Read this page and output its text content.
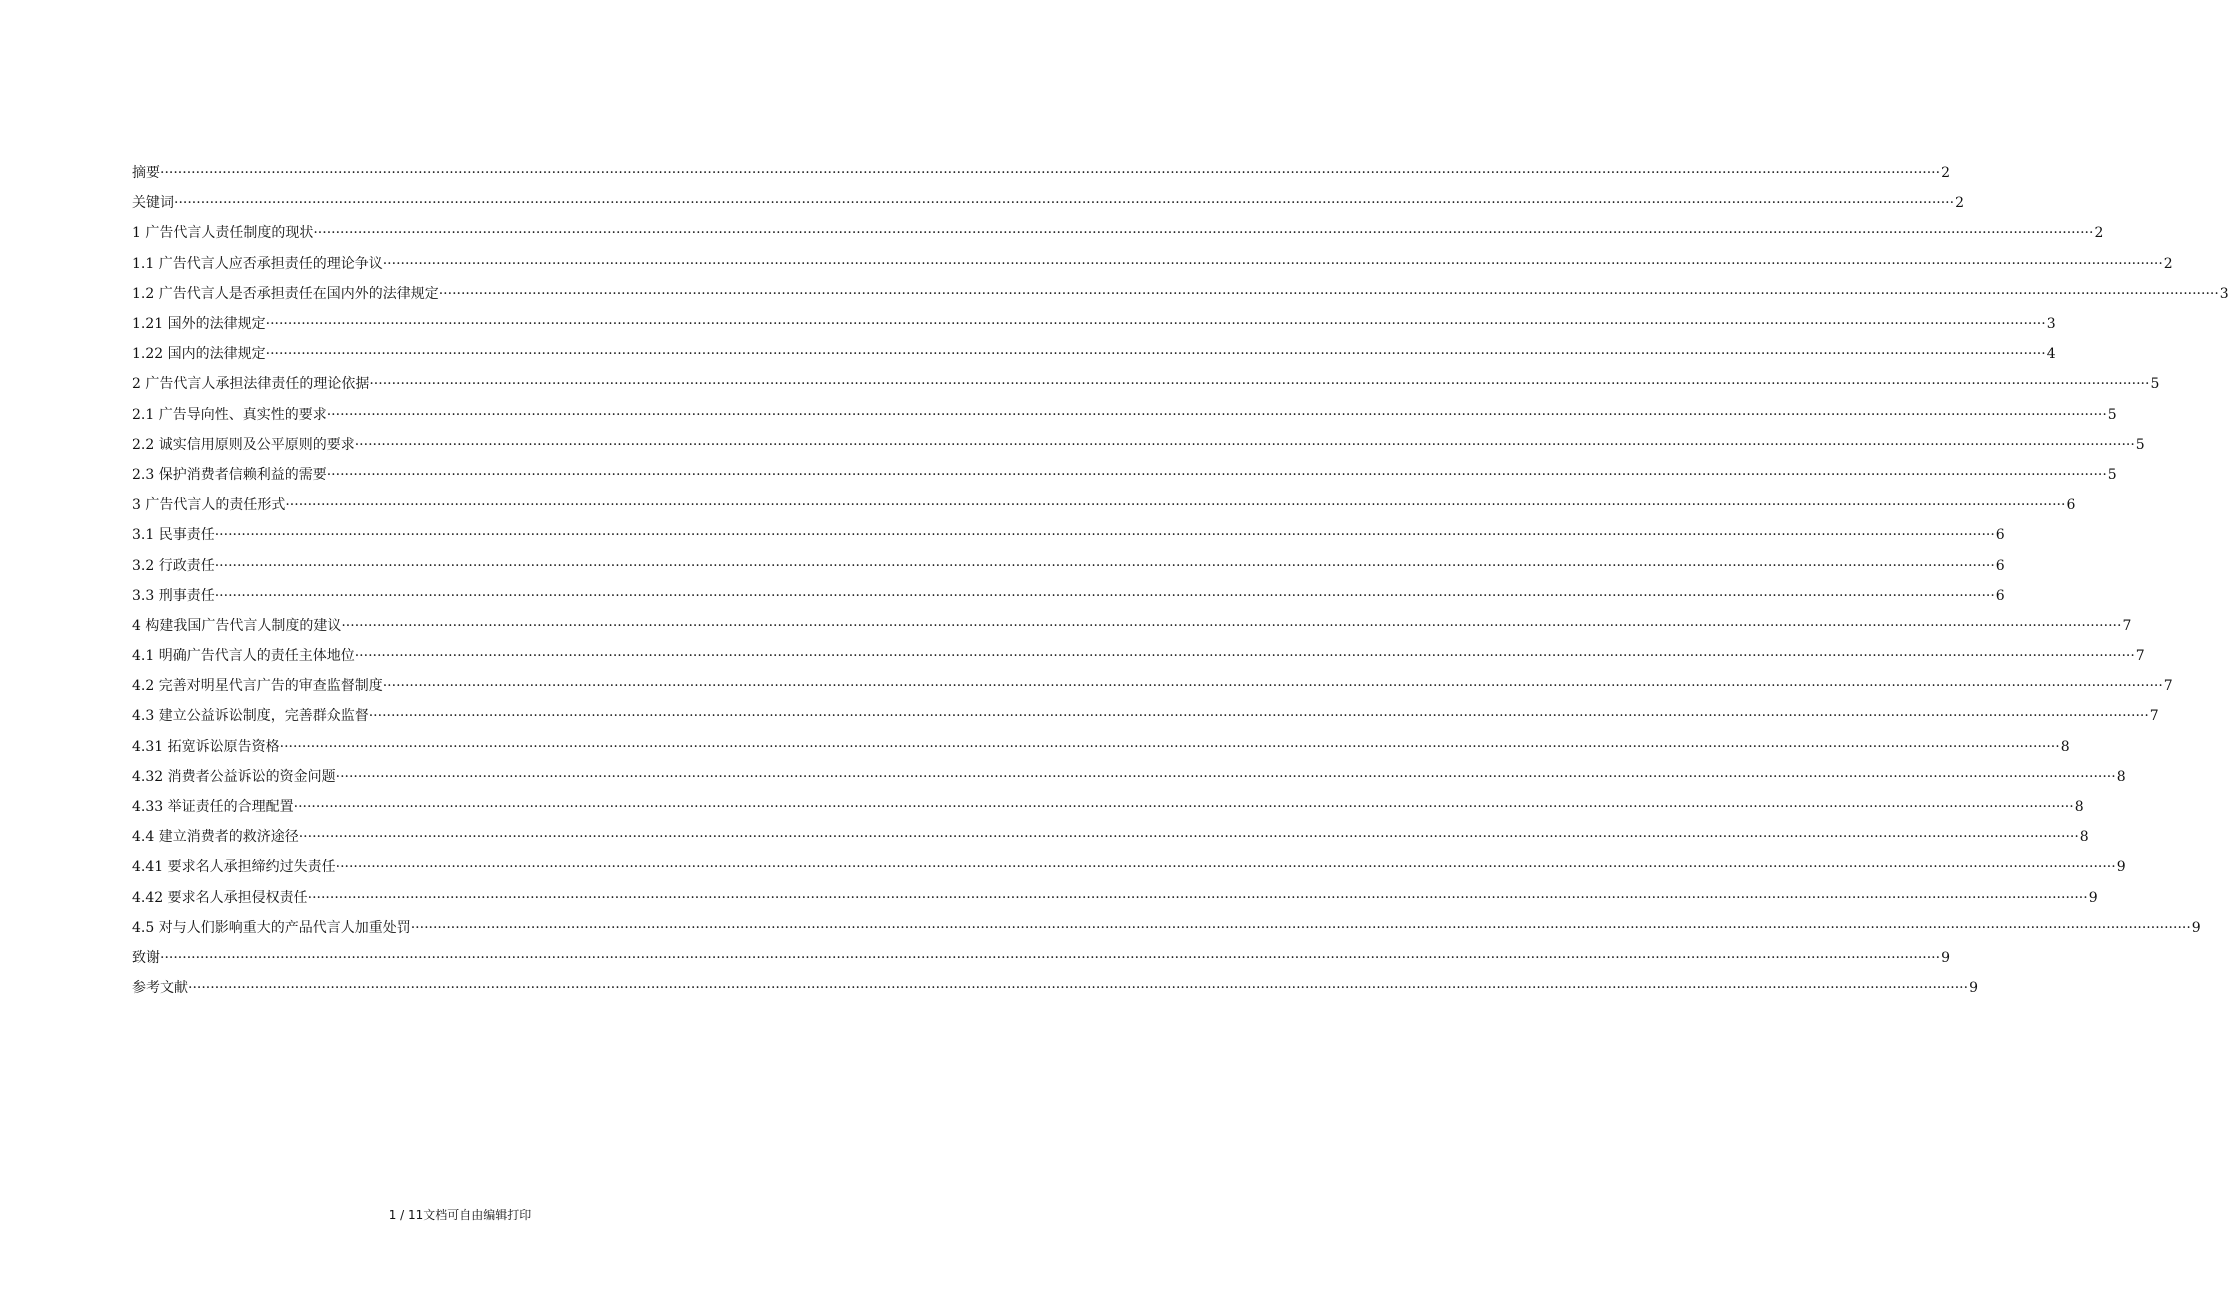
摘要 ················································································································································································································································································································································································································ 2
关键词 ················································································································································································································································································································································································································ 2
1 广告代言人责任制度的现状 ················································································································································································································································································································································································································ 2
1.1 广告代言人应否承担责任的理论争议 ················································································································································································································································································································································································································ 2
1.2 广告代言人是否承担责任在国内外的法律规定 ················································································································································································································································································································································································································ 3
1.21 国外的法律规定 ················································································································································································································································································································································································································ 3
1.22 国内的法律规定 ················································································································································································································································································································································································································ 4
2 广告代言人承担法律责任的理论依据 ················································································································································································································································································································································································································ 5
2.1 广告导向性、真实性的要求 ················································································································································································································································································································································································································ 5
2.2 诚实信用原则及公平原则的要求 ················································································································································································································································································································································································································ 5
2.3 保护消费者信赖利益的需要 ················································································································································································································································································································································································································ 5
3 广告代言人的责任形式 ················································································································································································································································································································································································································ 6
3.1 民事责任 ················································································································································································································································································································································································································ 6
3.2 行政责任 ················································································································································································································································································································································································································ 6
3.3 刑事责任 ················································································································································································································································································································································································································ 6
4 构建我国广告代言人制度的建议 ················································································································································································································································································································································································································ 7
4.1 明确广告代言人的责任主体地位 ················································································································································································································································································································································································································ 7
4.2 完善对明星代言广告的审查监督制度 ················································································································································································································································································································································································································ 7
4.3 建立公益诉讼制度，完善群众监督 ················································································································································································································································································································································································································ 7
4.31 拓宽诉讼原告资格 ················································································································································································································································································································································································································ 8
4.32 消费者公益诉讼的资金问题 ················································································································································································································································································································································································································ 8
4.33 举证责任的合理配置 ················································································································································································································································································································································································································ 8
4.4 建立消费者的救济途径 ················································································································································································································································································································································································································ 8
4.41 要求名人承担缔约过失责任 ················································································································································································································································································································································································································ 9
4.42 要求名人承担侵权责任 ················································································································································································································································································································································································································ 9
4.5 对与人们影响重大的产品代言人加重处罚 ················································································································································································································································································································································································································ 9
致谢 ················································································································································································································································································································································································································ 9
参考文献 ················································································································································································································································································································································································································ 9
1 / 11文档可自由编辑打印
